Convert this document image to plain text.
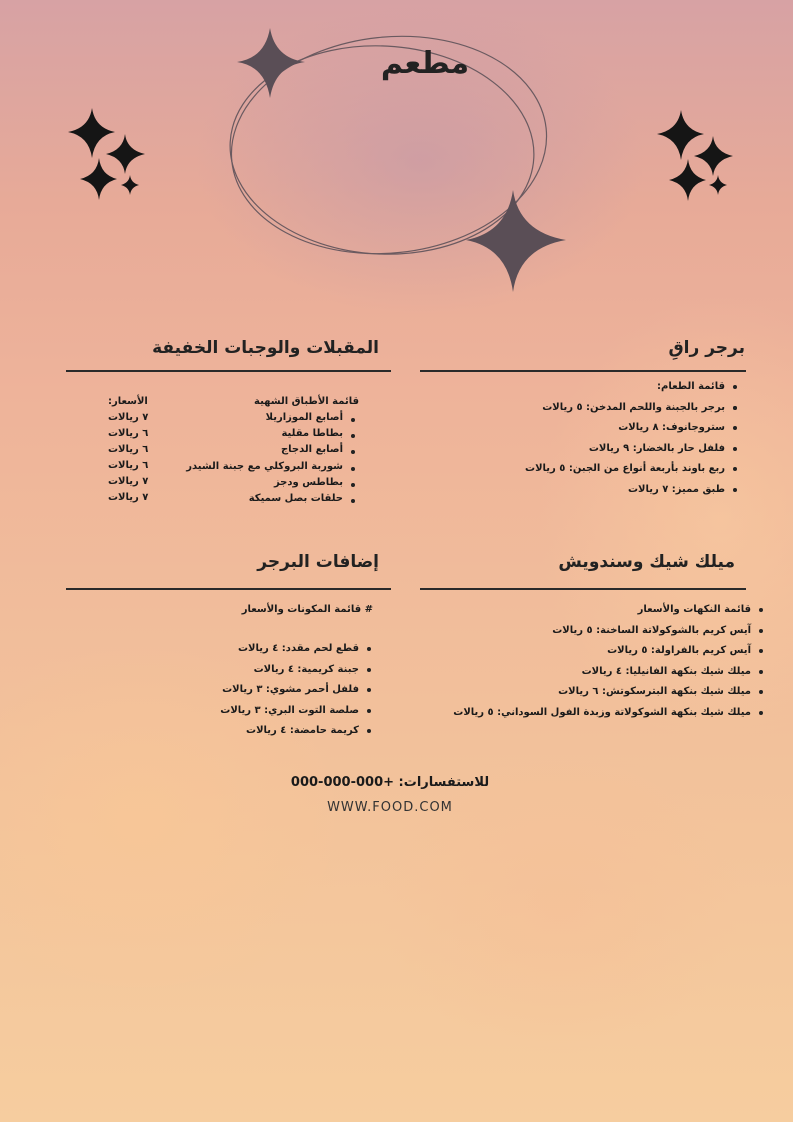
مطعم
برجر راقِ
قائمة الطعام:
برجر بالجبنة واللحم المدخن: ٥ ريالات
ستروجانوف: ٨ ريالات
فلفل حار بالخضار: ٩ ريالات
ربع باوند بأربعة أنواع من الجبن: ٥ ريالات
طبق مميز: ٧ ريالات
المقبلات والوجبات الخفيفة
قائمة الأطباق الشهية
أصابع الموزاريلا
بطاطا مقلية
أصابع الدجاج
شوربة البروكلي مع جبنة الشيدر
بطاطس ودجز
حلقات بصل سميكة
الأسعار:
٧ ريالات
٦ ريالات
٦ ريالات
٦ ريالات
٧ ريالات
٧ ريالات
ميلك شيك وسندويش
قائمة النكهات والأسعار
آيس كريم بالشوكولاتة الساخنة: ٥ ريالات
آيس كريم بالفراولة: ٥ ريالات
ميلك شيك بنكهة الفانيليا: ٤ ريالات
ميلك شيك بنكهة البترسكوتش: ٦ ريالات
ميلك شيك بنكهة الشوكولاتة وزبدة الفول السوداني: ٥ ريالات
إضافات البرجر
# قائمة المكونات والأسعار
قطع لحم مقدد: ٤ ريالات
جبنة كريمية: ٤ ريالات
فلفل أحمر مشوي: ٣ ريالات
صلصة التوت البري: ٣ ريالات
كريمة حامضة: ٤ ريالات
للاستفسارات: +000-000-000
WWW.FOOD.COM
